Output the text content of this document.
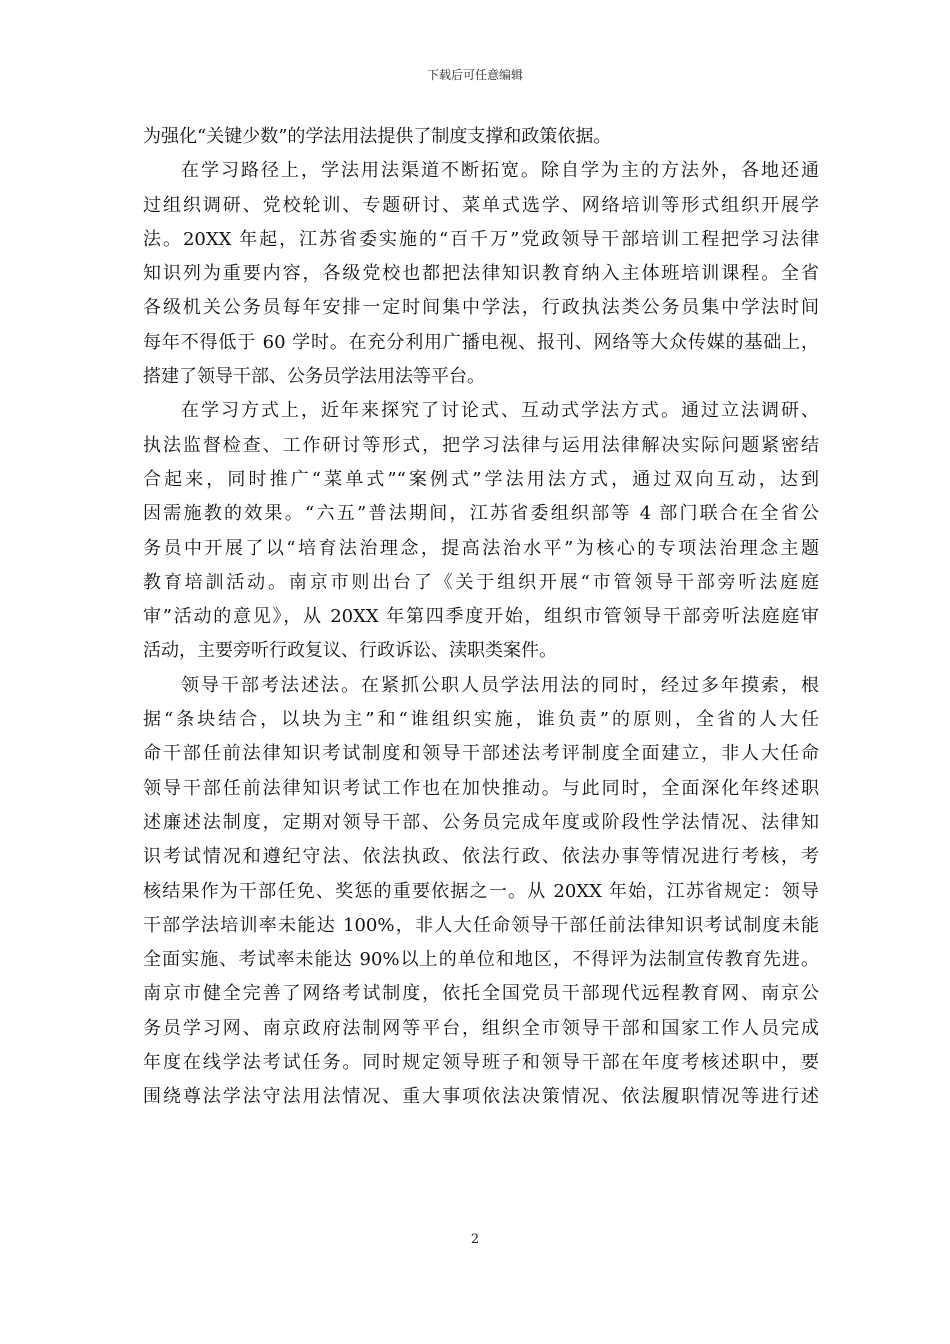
下载后可任意编辑
为强化“关键少数”的学法用法提供了制度支撑和政策依据。
在学习路径上，学法用法渠道不断拓宽。除自学为主的方法外，各地还通
过组织调研、党校轮训、专题研讨、菜单式选学、网络培训等形式组织开展学
法。20XX 年起，江苏省委实施的“百千万”党政领导干部培训工程把学习法律
知识列为重要内容，各级党校也都把法律知识教育纳入主体班培训课程。全省
各级机关公务员每年安排一定时间集中学法，行政执法类公务员集中学法时间
每年不得低于 60 学时。在充分利用广播电视、报刊、网络等大众传媒的基础上，
搭建了领导干部、公务员学法用法等平台。
在学习方式上，近年来探究了讨论式、互动式学法方式。通过立法调研、
执法监督检查、工作研讨等形式，把学习法律与运用法律解决实际问题紧密结
合起来，同时推广“菜单式”“案例式”学法用法方式，通过双向互动，达到
因需施教的效果。“六五”普法期间，江苏省委组织部等 4 部门联合在全省公
务员中开展了以“培育法治理念，提高法治水平”为核心的专项法治理念主题
教育培訓活动。南京市则出台了《关于组织开展“市管领导干部旁听法庭庭
审”活动的意见》，从 20XX 年第四季度开始，组织市管领导干部旁听法庭庭审
活动，主要旁听行政复议、行政诉讼、渎职类案件。
领导干部考法述法。在紧抓公职人员学法用法的同时，经过多年摸索，根
据“条块结合，以块为主”和“谁组织实施，谁负责”的原则，全省的人大任
命干部任前法律知识考试制度和领导干部述法考评制度全面建立，非人大任命
领导干部任前法律知识考试工作也在加快推动。与此同时，全面深化年终述职
述廉述法制度，定期对领导干部、公务员完成年度或阶段性学法情况、法律知
识考试情况和遵纪守法、依法执政、依法行政、依法办事等情况进行考核，考
核结果作为干部任免、奖惩的重要依据之一。从 20XX 年始，江苏省规定：领导
干部学法培训率未能达 100%，非人大任命领导干部任前法律知识考试制度未能
全面实施、考试率未能达 90%以上的单位和地区，不得评为法制宣传教育先进。
南京市健全完善了网络考试制度，依托全国党员干部现代远程教育网、南京公
务员学习网、南京政府法制网等平台，组织全市领导干部和国家工作人员完成
年度在线学法考试任务。同时规定领导班子和领导干部在年度考核述职中，要
围绕尊法学法守法用法情况、重大事项依法决策情况、依法履职情况等进行述
2
